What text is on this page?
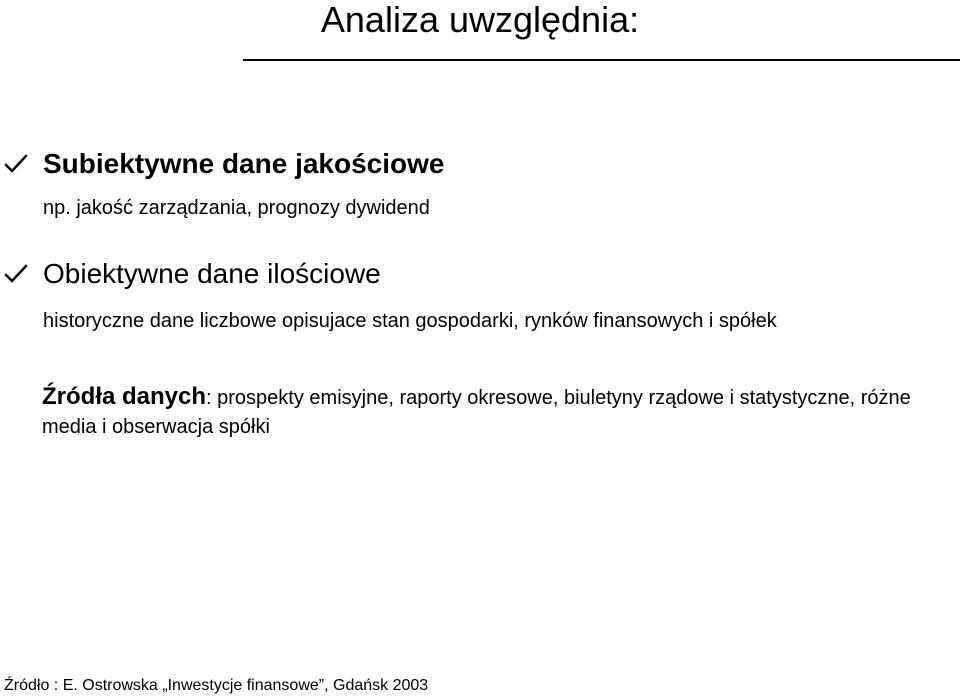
Analiza uwzględnia:
Subiektywne dane jakościowe
np. jakość zarządzania, prognozy dywidend
Obiektywne dane ilościowe
historyczne dane liczbowe opisujace stan gospodarki, rynków finansowych i spółek
Źródła danych: prospekty emisyjne, raporty okresowe, biuletyny rządowe i statystyczne, różne media i obserwacja spółki
Źródło : E. Ostrowska „Inwestycje finansowe”, Gdańsk 2003
